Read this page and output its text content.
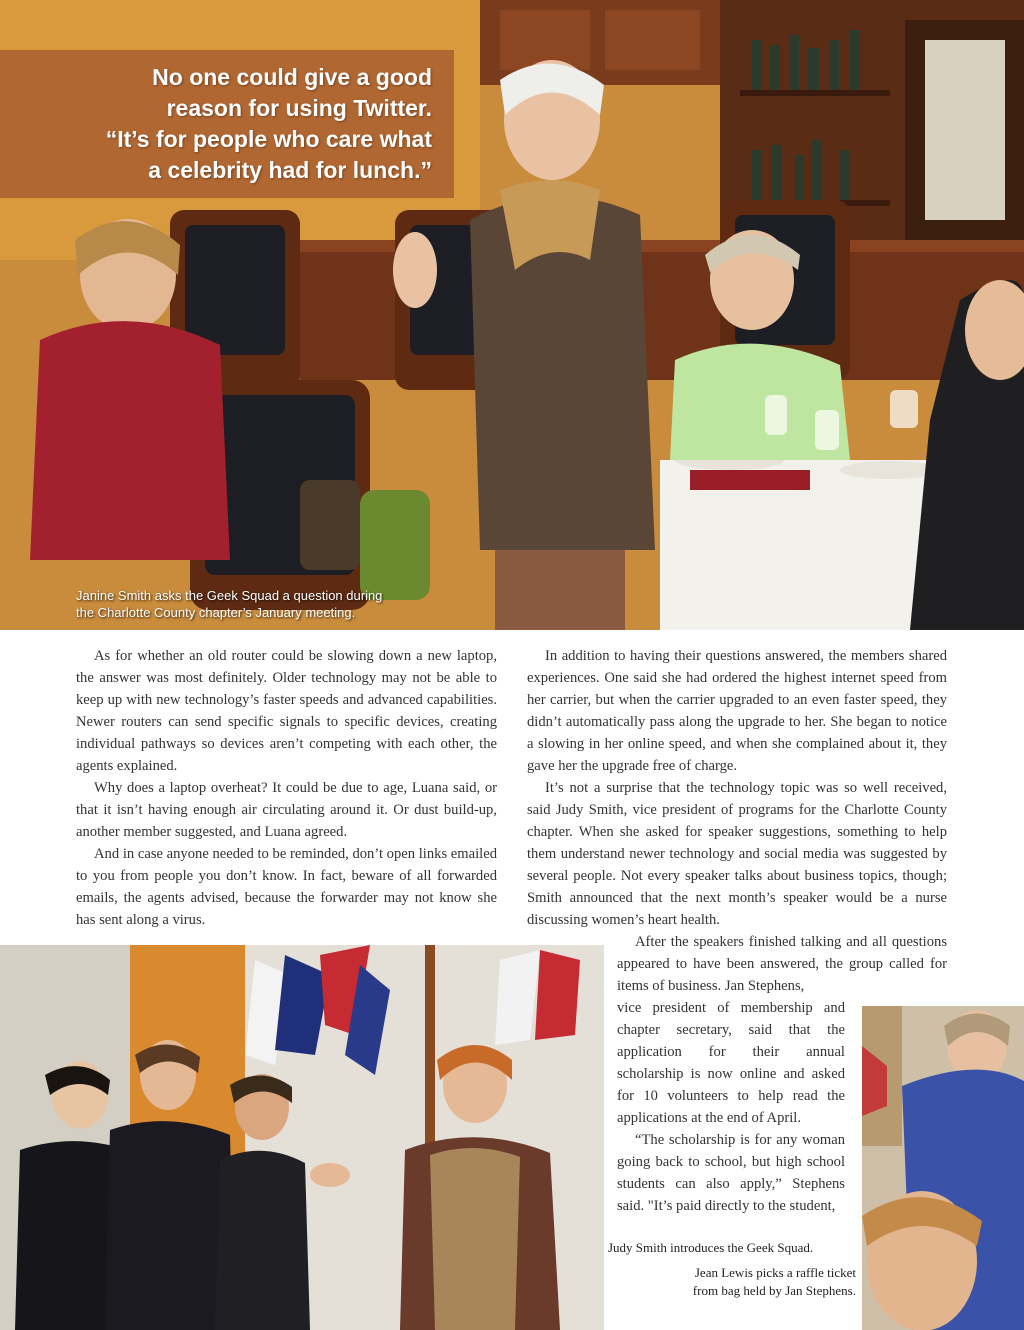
No one could give a good
reason for using Twitter.
“It’s for people who care what
a celebrity had for lunch.”
Janine Smith asks the Geek Squad a question during
the Charlotte County chapter’s January meeting.

As for whether an old router could be slowing down a new laptop, the answer was most definitely. Older technology may not be able to keep up with new technology’s faster speeds and advanced capabilities. Newer routers can send specific signals to specific devices, creating individual pathways so devices aren’t competing with each other, the agents explained.

Why does a laptop overheat? It could be due to age, Luana said, or that it isn’t having enough air circulating around it. Or dust build-up, another member suggested, and Luana agreed.

And in case anyone needed to be reminded, don’t open links emailed to you from people you don’t know. In fact, beware of all forwarded emails, the agents advised, because the forwarder may not know she has sent along a virus.

In addition to having their questions answered, the members shared experiences. One said she had ordered the highest internet speed from her carrier, but when the carrier upgraded to an even faster speed, they didn’t automatically pass along the upgrade to her. She began to notice a slowing in her online speed, and when she complained about it, they gave her the upgrade free of charge.

It’s not a surprise that the technology topic was so well received, said Judy Smith, vice president of programs for the Charlotte County chapter. When she asked for speaker suggestions, something to help them understand newer technology and social media was suggested by several people. Not every speaker talks about business topics, though; Smith announced that the next month’s speaker would be a nurse discussing women’s heart health.

After the speakers finished talking and all questions appeared to have been answered, the group called for items of business. Jan Stephens,

vice president of membership and chapter secretary, said that the application for their annual scholarship is now online and asked for 10 volunteers to help read the applications at the end of April.

“The scholarship is for any woman going back to school, but high school students can also apply,” Stephens said. "It’s paid directly to the student,

Judy Smith introduces the Geek Squad.
Jean Lewis picks a raffle ticket
from bag held by Jan Stephens.
